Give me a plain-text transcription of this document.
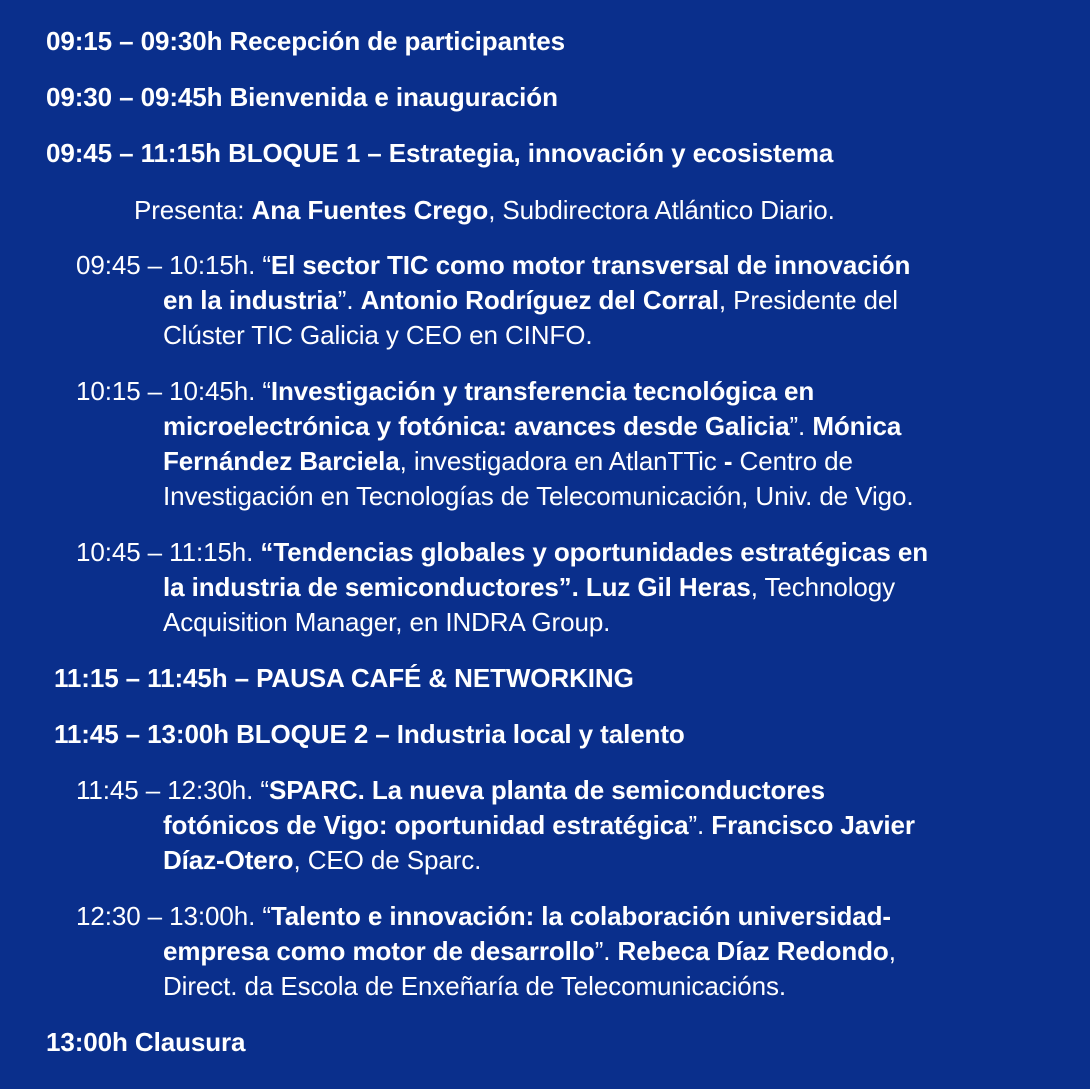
09:15 – 09:30h Recepción de participantes
09:30 – 09:45h Bienvenida e inauguración
09:45 – 11:15h BLOQUE 1 – Estrategia, innovación y ecosistema
Presenta: Ana Fuentes Crego, Subdirectora Atlántico Diario.
09:45 – 10:15h. “El sector TIC como motor transversal de innovación
en la industria”. Antonio Rodríguez del Corral, Presidente del
Clúster TIC Galicia y CEO en CINFO.
10:15 – 10:45h. “Investigación y transferencia tecnológica en
microelectrónica y fotónica: avances desde Galicia”. Mónica
Fernández Barciela, investigadora en AtlanTTic - Centro de
Investigación en Tecnologías de Telecomunicación, Univ. de Vigo.
10:45 – 11:15h. “Tendencias globales y oportunidades estratégicas en
la industria de semiconductores”. Luz Gil Heras, Technology
Acquisition Manager, en INDRA Group.
11:15 – 11:45h – PAUSA CAFÉ & NETWORKING
11:45 – 13:00h BLOQUE 2 – Industria local y talento
11:45 – 12:30h. “SPARC. La nueva planta de semiconductores
fotónicos de Vigo: oportunidad estratégica”. Francisco Javier
Díaz-Otero, CEO de Sparc.
12:30 – 13:00h. “Talento e innovación: la colaboración universidad-
empresa como motor de desarrollo”. Rebeca Díaz Redondo,
Direct. da Escola de Enxeñaría de Telecomunicacións.
13:00h Clausura
